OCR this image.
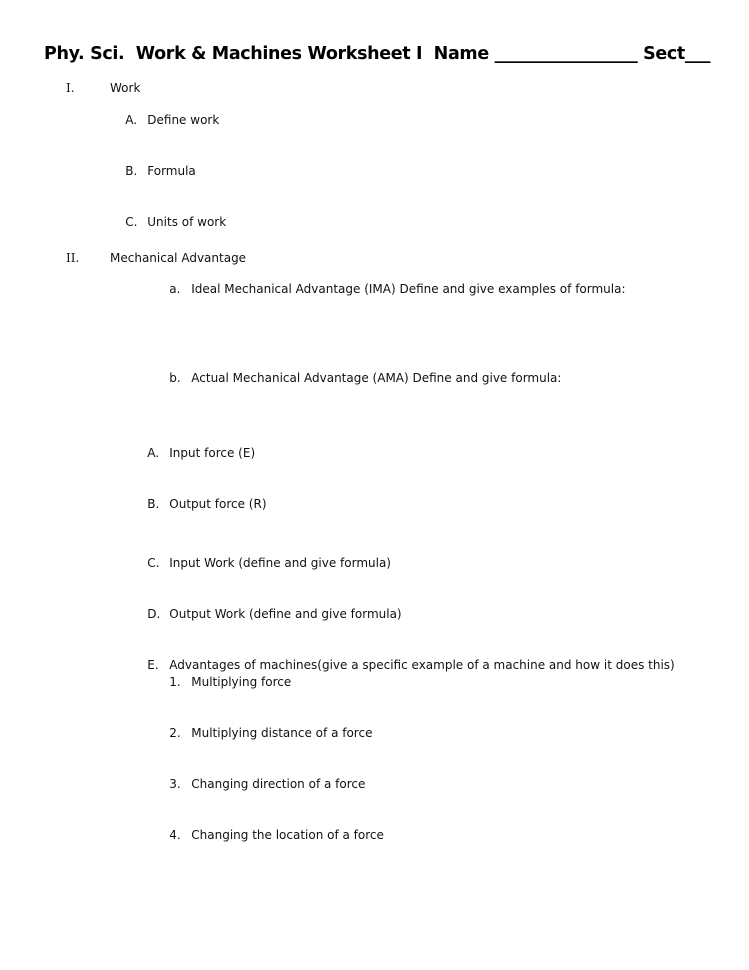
Phy. Sci.  Work & Machines Worksheet I  Name _________________ Sect___
I.	Work

A. Define work

B. Formula

C. Units of work

II.	Mechanical Advantage

a. Ideal Mechanical Advantage (IMA) Define and give examples of formula:

b. Actual Mechanical Advantage (AMA) Define and give formula:

A. Input force (E)

B. Output force (R)

C. Input Work (define and give formula)

D. Output Work (define and give formula)

E. Advantages of machines(give a specific example of a machine and how it does this)

1. Multiplying force

2. Multiplying distance of a force

3. Changing direction of a force

4. Changing the location of a force
